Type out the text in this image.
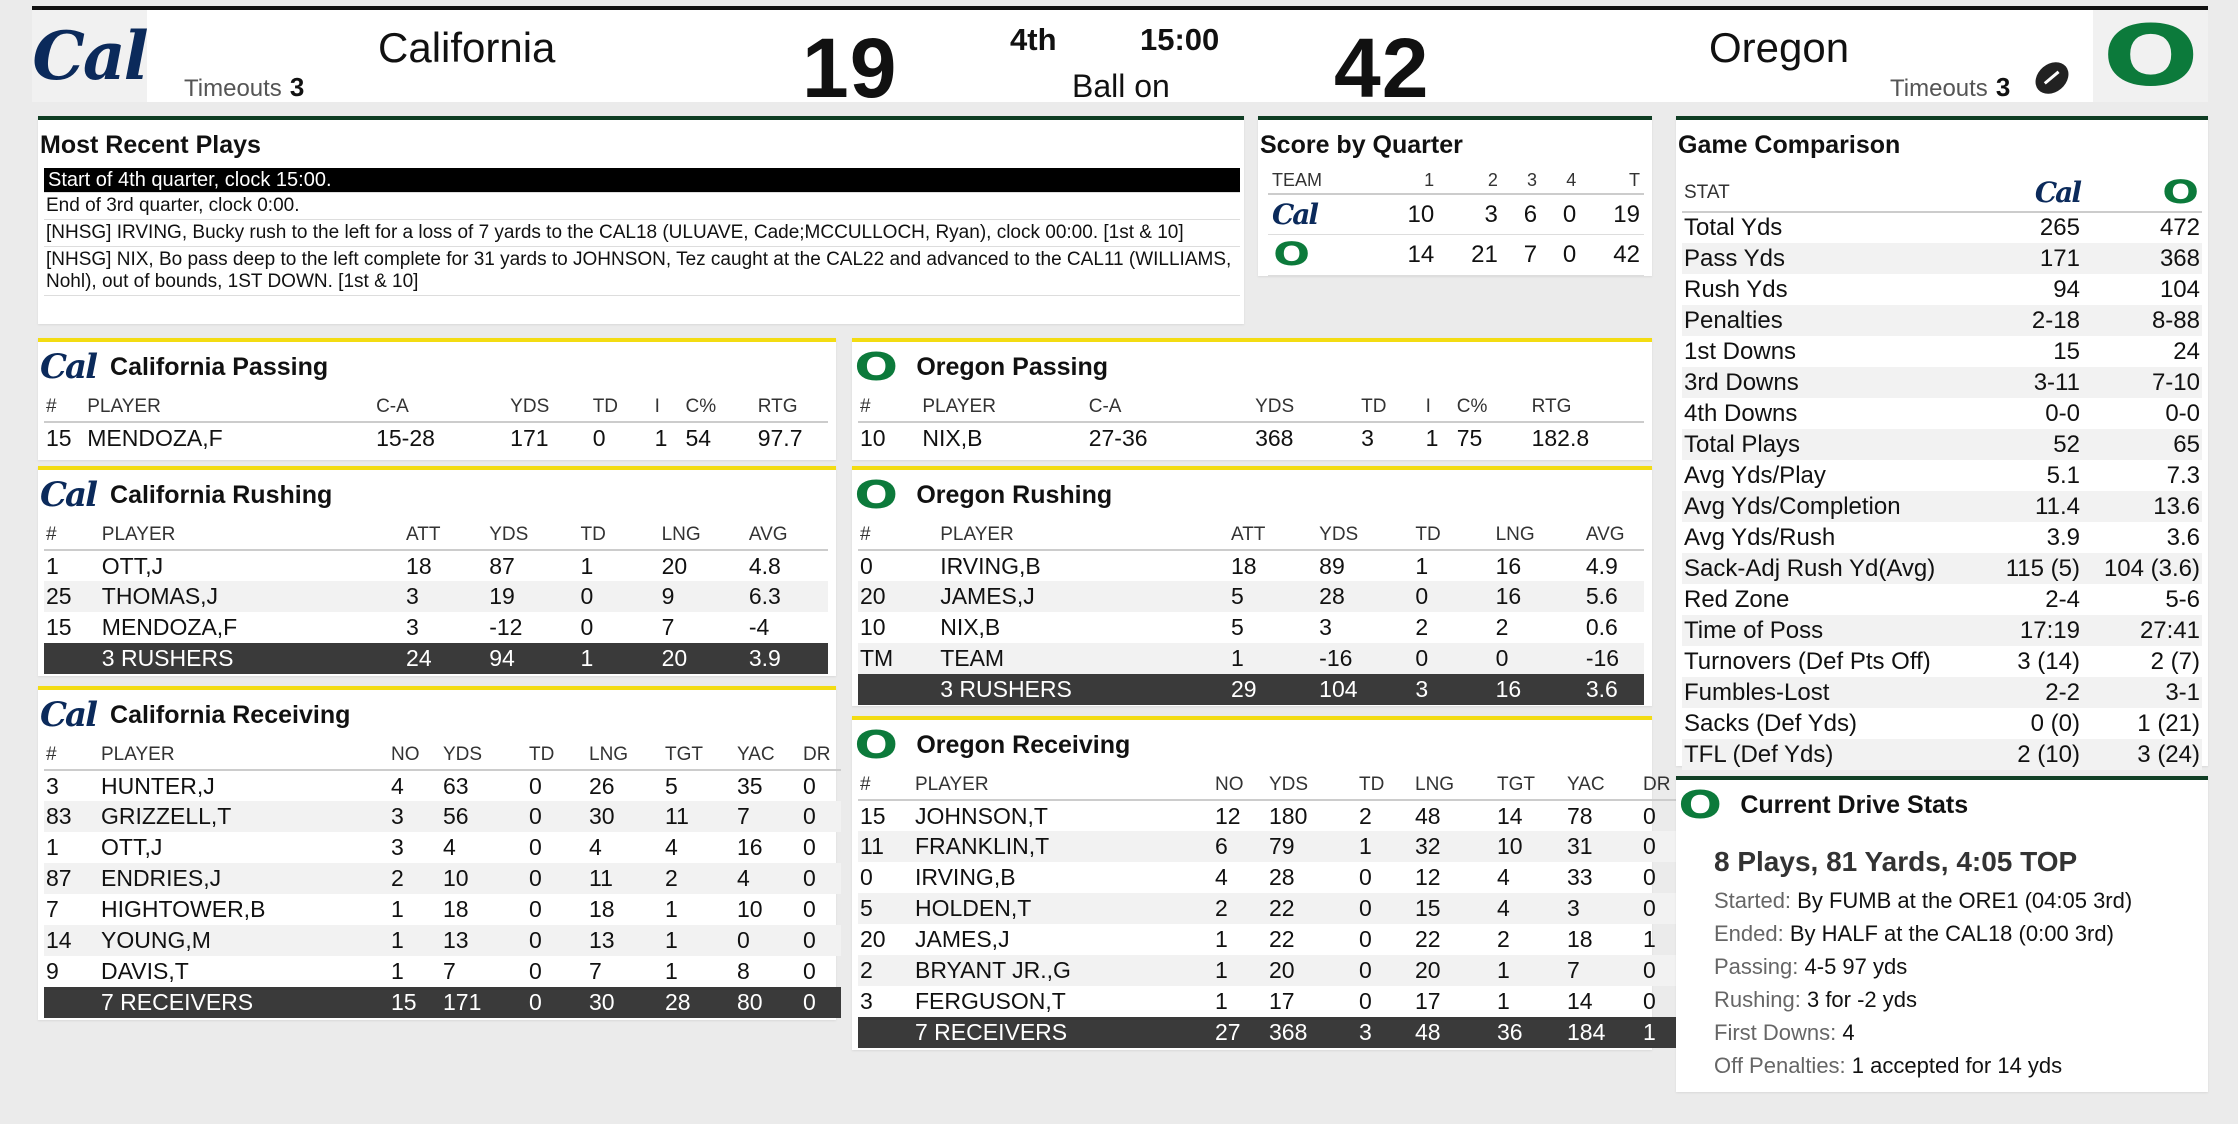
Cal	California
Timeouts 3	19	4th	15:00
Ball on 42	Oregon
Timeouts 3 O
Most Recent Plays
Start of 4th quarter, clock 15:00.
End of 3rd quarter, clock 0:00.
[NHSG] IRVING, Bucky rush to the left for a loss of 7 yards to the CAL18 (ULUAVE, Cade;MCCULLOCH, Ryan), clock 00:00. [1st & 10]
[NHSG] NIX, Bo pass deep to the left complete for 31 yards to JOHNSON, Tez caught at the CAL22 and advanced to the CAL11 (WILLIAMS, Nohl), out of bounds, 1ST DOWN. [1st & 10]
Score by Quarter
TEAM	1	2	3	4	T
Cal	10	3	6	0	19
O	14	21	7	0	42
Cal California Passing
#	PLAYER	C-A	YDS	TD	I	C%	RTG
15	MENDOZA,F	15-28	171	0	1	54	97.7
Cal California Rushing
#	PLAYER	ATT	YDS	TD	LNG	AVG
1	OTT,J	18	87	1	20	4.8
25	THOMAS,J	3	19	0	9	6.3
15	MENDOZA,F	3	-12	0	7	-4
	3 RUSHERS	24	94	1	20	3.9
Cal California Receiving
#	PLAYER	NO	YDS	TD	LNG	TGT	YAC	DR
3	HUNTER,J	4	63	0	26	5	35	0
83	GRIZZELL,T	3	56	0	30	11	7	0
1	OTT,J	3	4	0	4	4	16	0
87	ENDRIES,J	2	10	0	11	2	4	0
7	HIGHTOWER,B	1	18	0	18	1	10	0
14	YOUNG,M	1	13	0	13	1	0	0
9	DAVIS,T	1	7	0	7	1	8	0
	7 RECEIVERS	15	171	0	30	28	80	0
O Oregon Passing
#	PLAYER	C-A	YDS	TD	I	C%	RTG
10	NIX,B	27-36	368	3	1	75	182.8
O Oregon Rushing
#	PLAYER	ATT	YDS	TD	LNG	AVG
0	IRVING,B	18	89	1	16	4.9
20	JAMES,J	5	28	0	16	5.6
10	NIX,B	5	3	2	2	0.6
TM	TEAM	1	-16	0	0	-16
	3 RUSHERS	29	104	3	16	3.6
O Oregon Receiving
#	PLAYER	NO	YDS	TD	LNG	TGT	YAC	DR
15	JOHNSON,T	12	180	2	48	14	78	0
11	FRANKLIN,T	6	79	1	32	10	31	0
0	IRVING,B	4	28	0	12	4	33	0
5	HOLDEN,T	2	22	0	15	4	3	0
20	JAMES,J	1	22	0	22	2	18	1
2	BRYANT JR.,G	1	20	0	20	1	7	0
3	FERGUSON,T	1	17	0	17	1	14	0
	7 RECEIVERS	27	368	3	48	36	184	1
Game Comparison
STAT	Cal	O
Total Yds	265	472
Pass Yds	171	368
Rush Yds	94	104
Penalties	2-18	8-88
1st Downs	15	24
3rd Downs	3-11	7-10
4th Downs	0-0	0-0
Total Plays	52	65
Avg Yds/Play	5.1	7.3
Avg Yds/Completion	11.4	13.6
Avg Yds/Rush	3.9	3.6
Sack-Adj Rush Yd(Avg)	115 (5)	104 (3.6)
Red Zone	2-4	5-6
Time of Poss	17:19	27:41
Turnovers (Def Pts Off)	3 (14)	2 (7)
Fumbles-Lost	2-2	3-1
Sacks (Def Yds)	0 (0)	1 (21)
TFL (Def Yds)	2 (10)	3 (24)
O Current Drive Stats
8 Plays, 81 Yards, 4:05 TOP
Started: By FUMB at the ORE1 (04:05 3rd)
Ended: By HALF at the CAL18 (0:00 3rd)
Passing: 4-5 97 yds
Rushing: 3 for -2 yds
First Downs: 4
Off Penalties: 1 accepted for 14 yds
